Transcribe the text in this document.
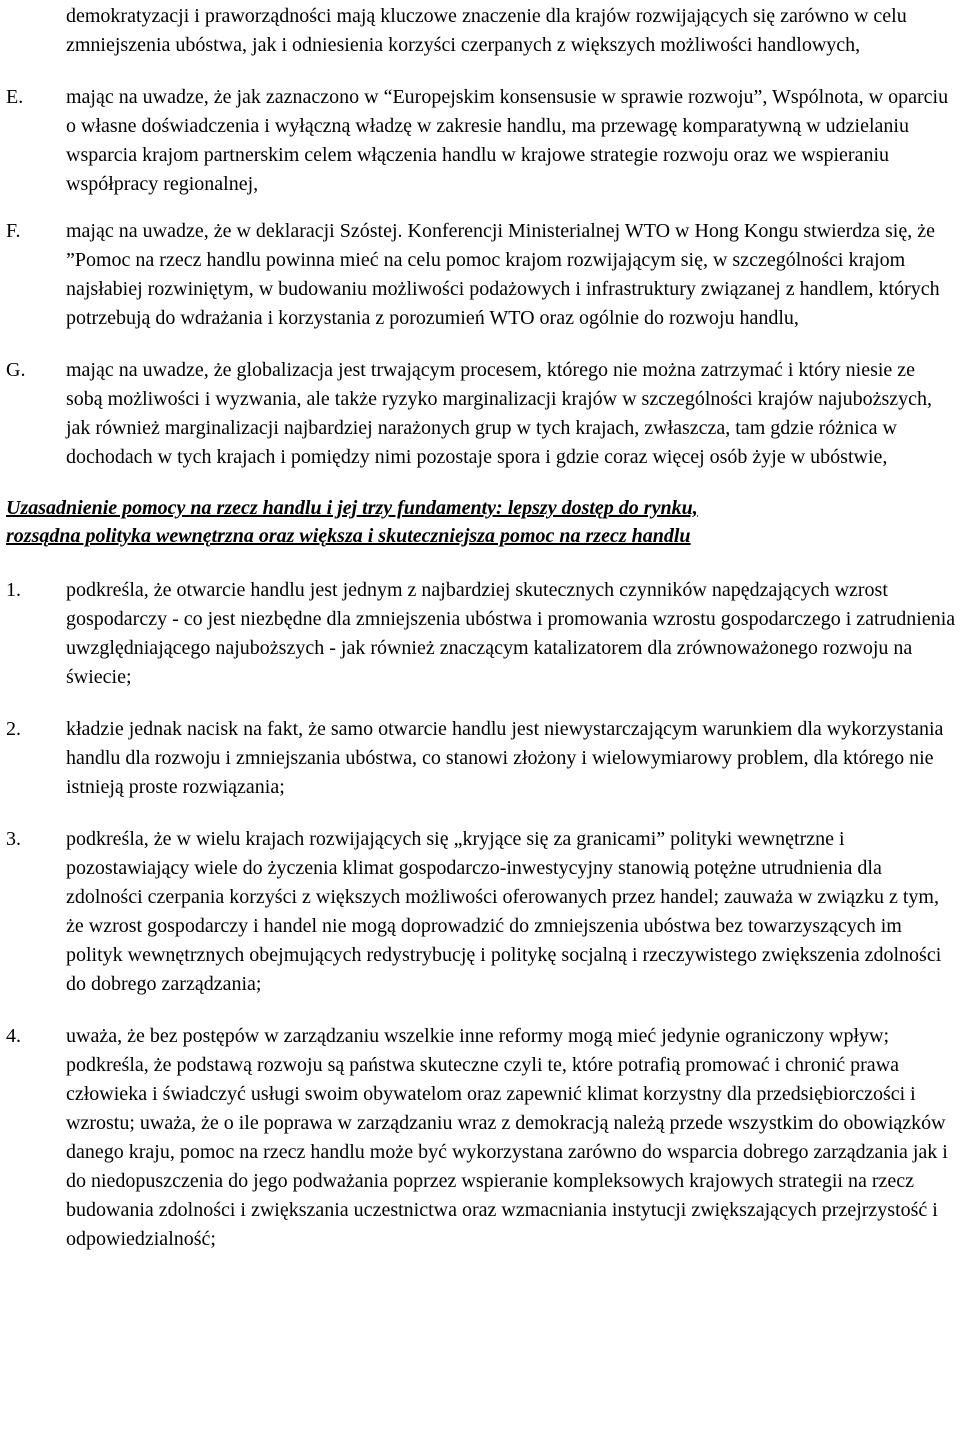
demokratyzacji i praworządności mają kluczowe znaczenie dla krajów rozwijających się zarówno w celu zmniejszenia ubóstwa, jak i odniesienia korzyści czerpanych z większych możliwości handlowych,
E. mając na uwadze, że jak zaznaczono w “Europejskim konsensusie w sprawie rozwoju”, Wspólnota, w oparciu o własne doświadczenia i wyłączną władzę w zakresie handlu, ma przewagę komparatywną w udzielaniu wsparcia krajom partnerskim celem włączenia handlu w krajowe strategie rozwoju oraz we wspieraniu współpracy regionalnej,
F. mając na uwadze, że w deklaracji Szóstej. Konferencji Ministerialnej WTO w Hong Kongu stwierdza się, że ”Pomoc na rzecz handlu powinna mieć na celu pomoc krajom rozwijającym się, w szczególności krajom najsłabiej rozwiniętym, w budowaniu możliwości podażowych i infrastruktury związanej z handlem, których potrzebują do wdrażania i korzystania z porozumień WTO oraz ogólnie do rozwoju handlu,
G. mając na uwadze, że globalizacja jest trwającym procesem, którego nie można zatrzymać i który niesie ze sobą możliwości i wyzwania, ale także ryzyko marginalizacji krajów w szczególności krajów najuboższych, jak również marginalizacji najbardziej narażonych grup w tych krajach, zwłaszcza, tam gdzie różnica w dochodach w tych krajach i pomiędzy nimi pozostaje spora i gdzie coraz więcej osób żyje w ubóstwie,
Uzasadnienie pomocy na rzecz handlu i jej trzy fundamenty: lepszy dostęp do rynku,
rozsądna polityka wewnętrzna oraz większa i skuteczniejsza pomoc na rzecz handlu
1. podkreśla, że otwarcie handlu jest jednym z najbardziej skutecznych czynników napędzających wzrost gospodarczy - co jest niezbędne dla zmniejszenia ubóstwa i promowania wzrostu gospodarczego i zatrudnienia uwzględniającego najuboższych - jak również znaczącym katalizatorem dla zrównoważonego rozwoju na świecie;
2. kładzie jednak nacisk na fakt, że samo otwarcie handlu jest niewystarczającym warunkiem dla wykorzystania handlu dla rozwoju i zmniejszania ubóstwa, co stanowi złożony i wielowymiarowy problem, dla którego nie istnieją proste rozwiązania;
3. podkreśla, że w wielu krajach rozwijających się „kryjące się za granicami” polityki wewnętrzne i pozostawiający wiele do życzenia klimat gospodarczo-inwestycyjny stanowią potężne utrudnienia dla zdolności czerpania korzyści z większych możliwości oferowanych przez handel; zauważa w związku z tym, że wzrost gospodarczy i handel nie mogą doprowadzić do zmniejszenia ubóstwa bez towarzyszących im polityk wewnętrznych obejmujących redystrybucję i politykę socjalną i rzeczywistego zwiększenia zdolności do dobrego zarządzania;
4. uważa, że bez postępów w zarządzaniu wszelkie inne reformy mogą mieć jedynie ograniczony wpływ; podkreśla, że podstawą rozwoju są państwa skuteczne czyli te, które potrafią promować i chronić prawa człowieka i świadczyć usługi swoim obywatelom oraz zapewnić klimat korzystny dla przedsiębiorczości i wzrostu; uważa, że o ile poprawa w zarządzaniu wraz z demokracją należą przede wszystkim do obowiązków danego kraju, pomoc na rzecz handlu może być wykorzystana zarówno do wsparcia dobrego zarządzania jak i do niedopuszczenia do jego podważania poprzez wspieranie kompleksowych krajowych strategii na rzecz budowania zdolności i zwiększania uczestnictwa oraz wzmacniania instytucji zwiększających przejrzystość i odpowiedzialność;
